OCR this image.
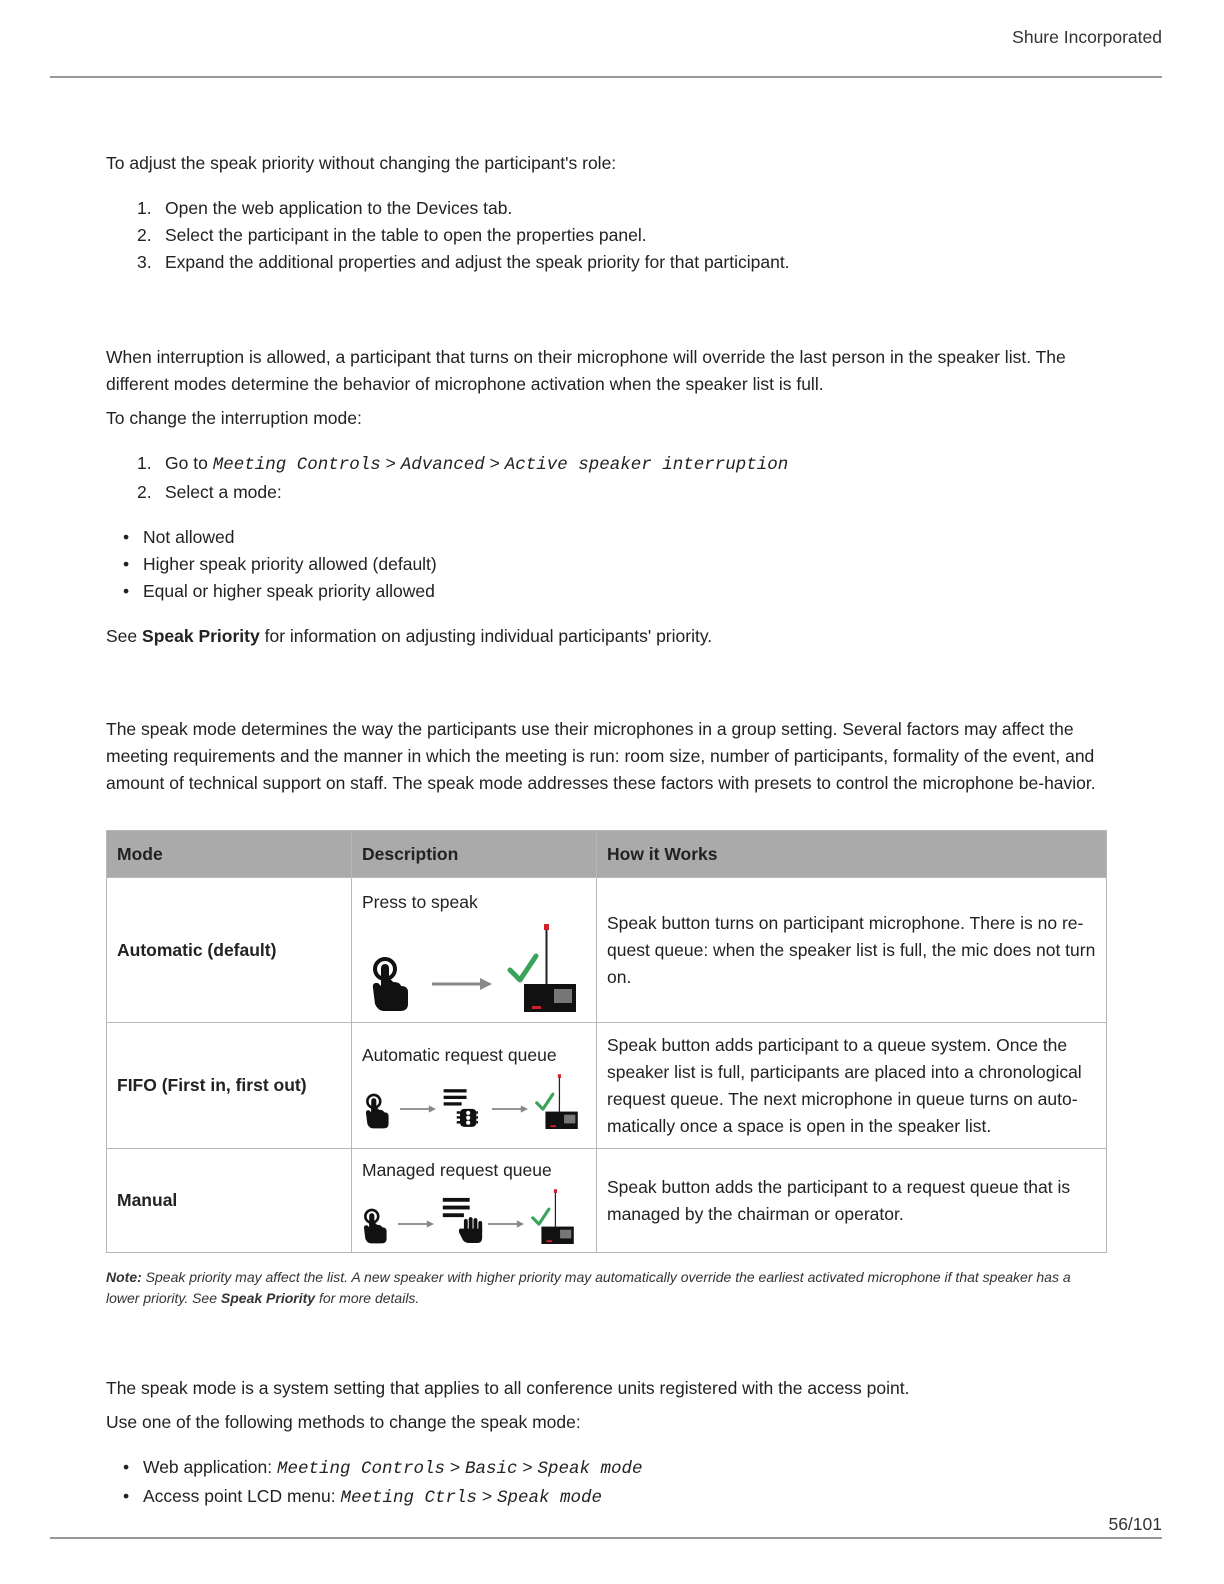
Shure Incorporated

To adjust the speak priority without changing the participant's role:

1. Open the web application to the Devices tab.
2. Select the participant in the table to open the properties panel.
3. Expand the additional properties and adjust the speak priority for that participant.

When interruption is allowed, a participant that turns on their microphone will override the last person in the speaker list. The different modes determine the behavior of microphone activation when the speaker list is full.

To change the interruption mode:

1. Go to Meeting Controls > Advanced > Active speaker interruption
2. Select a mode:
• Not allowed
• Higher speak priority allowed (default)
• Equal or higher speak priority allowed

See Speak Priority for information on adjusting individual participants' priority.

The speak mode determines the way the participants use their microphones in a group setting. Several factors may affect the meeting requirements and the manner in which the meeting is run: room size, number of participants, formality of the event, and amount of technical support on staff. The speak mode addresses these factors with presets to control the microphone be-havior.

Mode	Description	How it Works
Automatic (default)	Press to speak	Speak button turns on participant microphone. There is no re-quest queue: when the speaker list is full, the mic does not turn on.
FIFO (First in, first out)	Automatic request queue	Speak button adds participant to a queue system. Once the speaker list is full, participants are placed into a chronological request queue. The next microphone in queue turns on auto-matically once a space is open in the speaker list.
Manual	Managed request queue	Speak button adds the participant to a request queue that is managed by the chairman or operator.
Note: Speak priority may affect the list. A new speaker with higher priority may automatically override the earliest activated microphone if that speaker has a lower priority. See Speak Priority for more details.

The speak mode is a system setting that applies to all conference units registered with the access point.

Use one of the following methods to change the speak mode:

• Web application: Meeting Controls > Basic > Speak mode
• Access point LCD menu: Meeting Ctrls > Speak mode
56/101
